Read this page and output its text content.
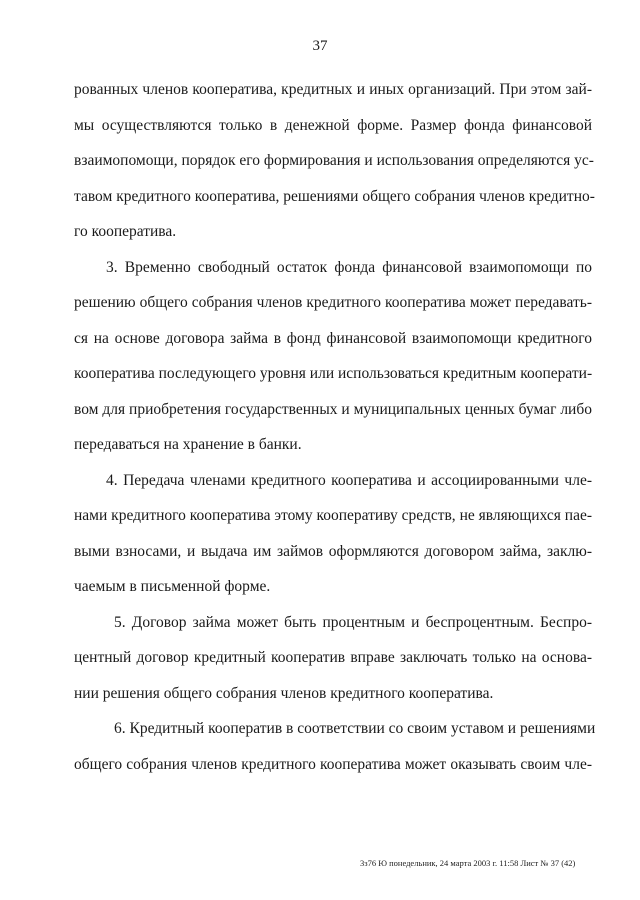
37
рованных членов кооператива, кредитных и иных организаций. При этом зай-
мы осуществляются только в денежной форме. Размер фонда финансовой
взаимопомощи, порядок его формирования и использования определяются ус-
тавом кредитного кооператива, решениями общего собрания членов кредитно-
го кооператива.
3. Временно свободный остаток фонда финансовой взаимопомощи по
решению общего собрания членов кредитного кооператива может передавать-
ся на основе договора займа в фонд финансовой взаимопомощи кредитного
кооператива последующего уровня или использоваться кредитным кооперати-
вом для приобретения государственных и муниципальных ценных бумаг либо
передаваться на хранение в банки.
4. Передача членами кредитного кооператива и ассоциированными чле-
нами кредитного кооператива этому кооперативу средств, не являющихся пае-
выми взносами, и выдача им займов оформляются договором займа, заклю-
чаемым в письменной форме.
5. Договор займа может быть процентным и беспроцентным. Беспро-
центный договор кредитный кооператив вправе заключать только на основа-
нии решения общего собрания членов кредитного кооператива.
6. Кредитный кооператив в соответствии со своим уставом и решениями
общего собрания членов кредитного кооператива может оказывать своим чле-
3з76 Ю понедельник, 24 марта 2003 г. 11:58 Лист № 37 (42)
